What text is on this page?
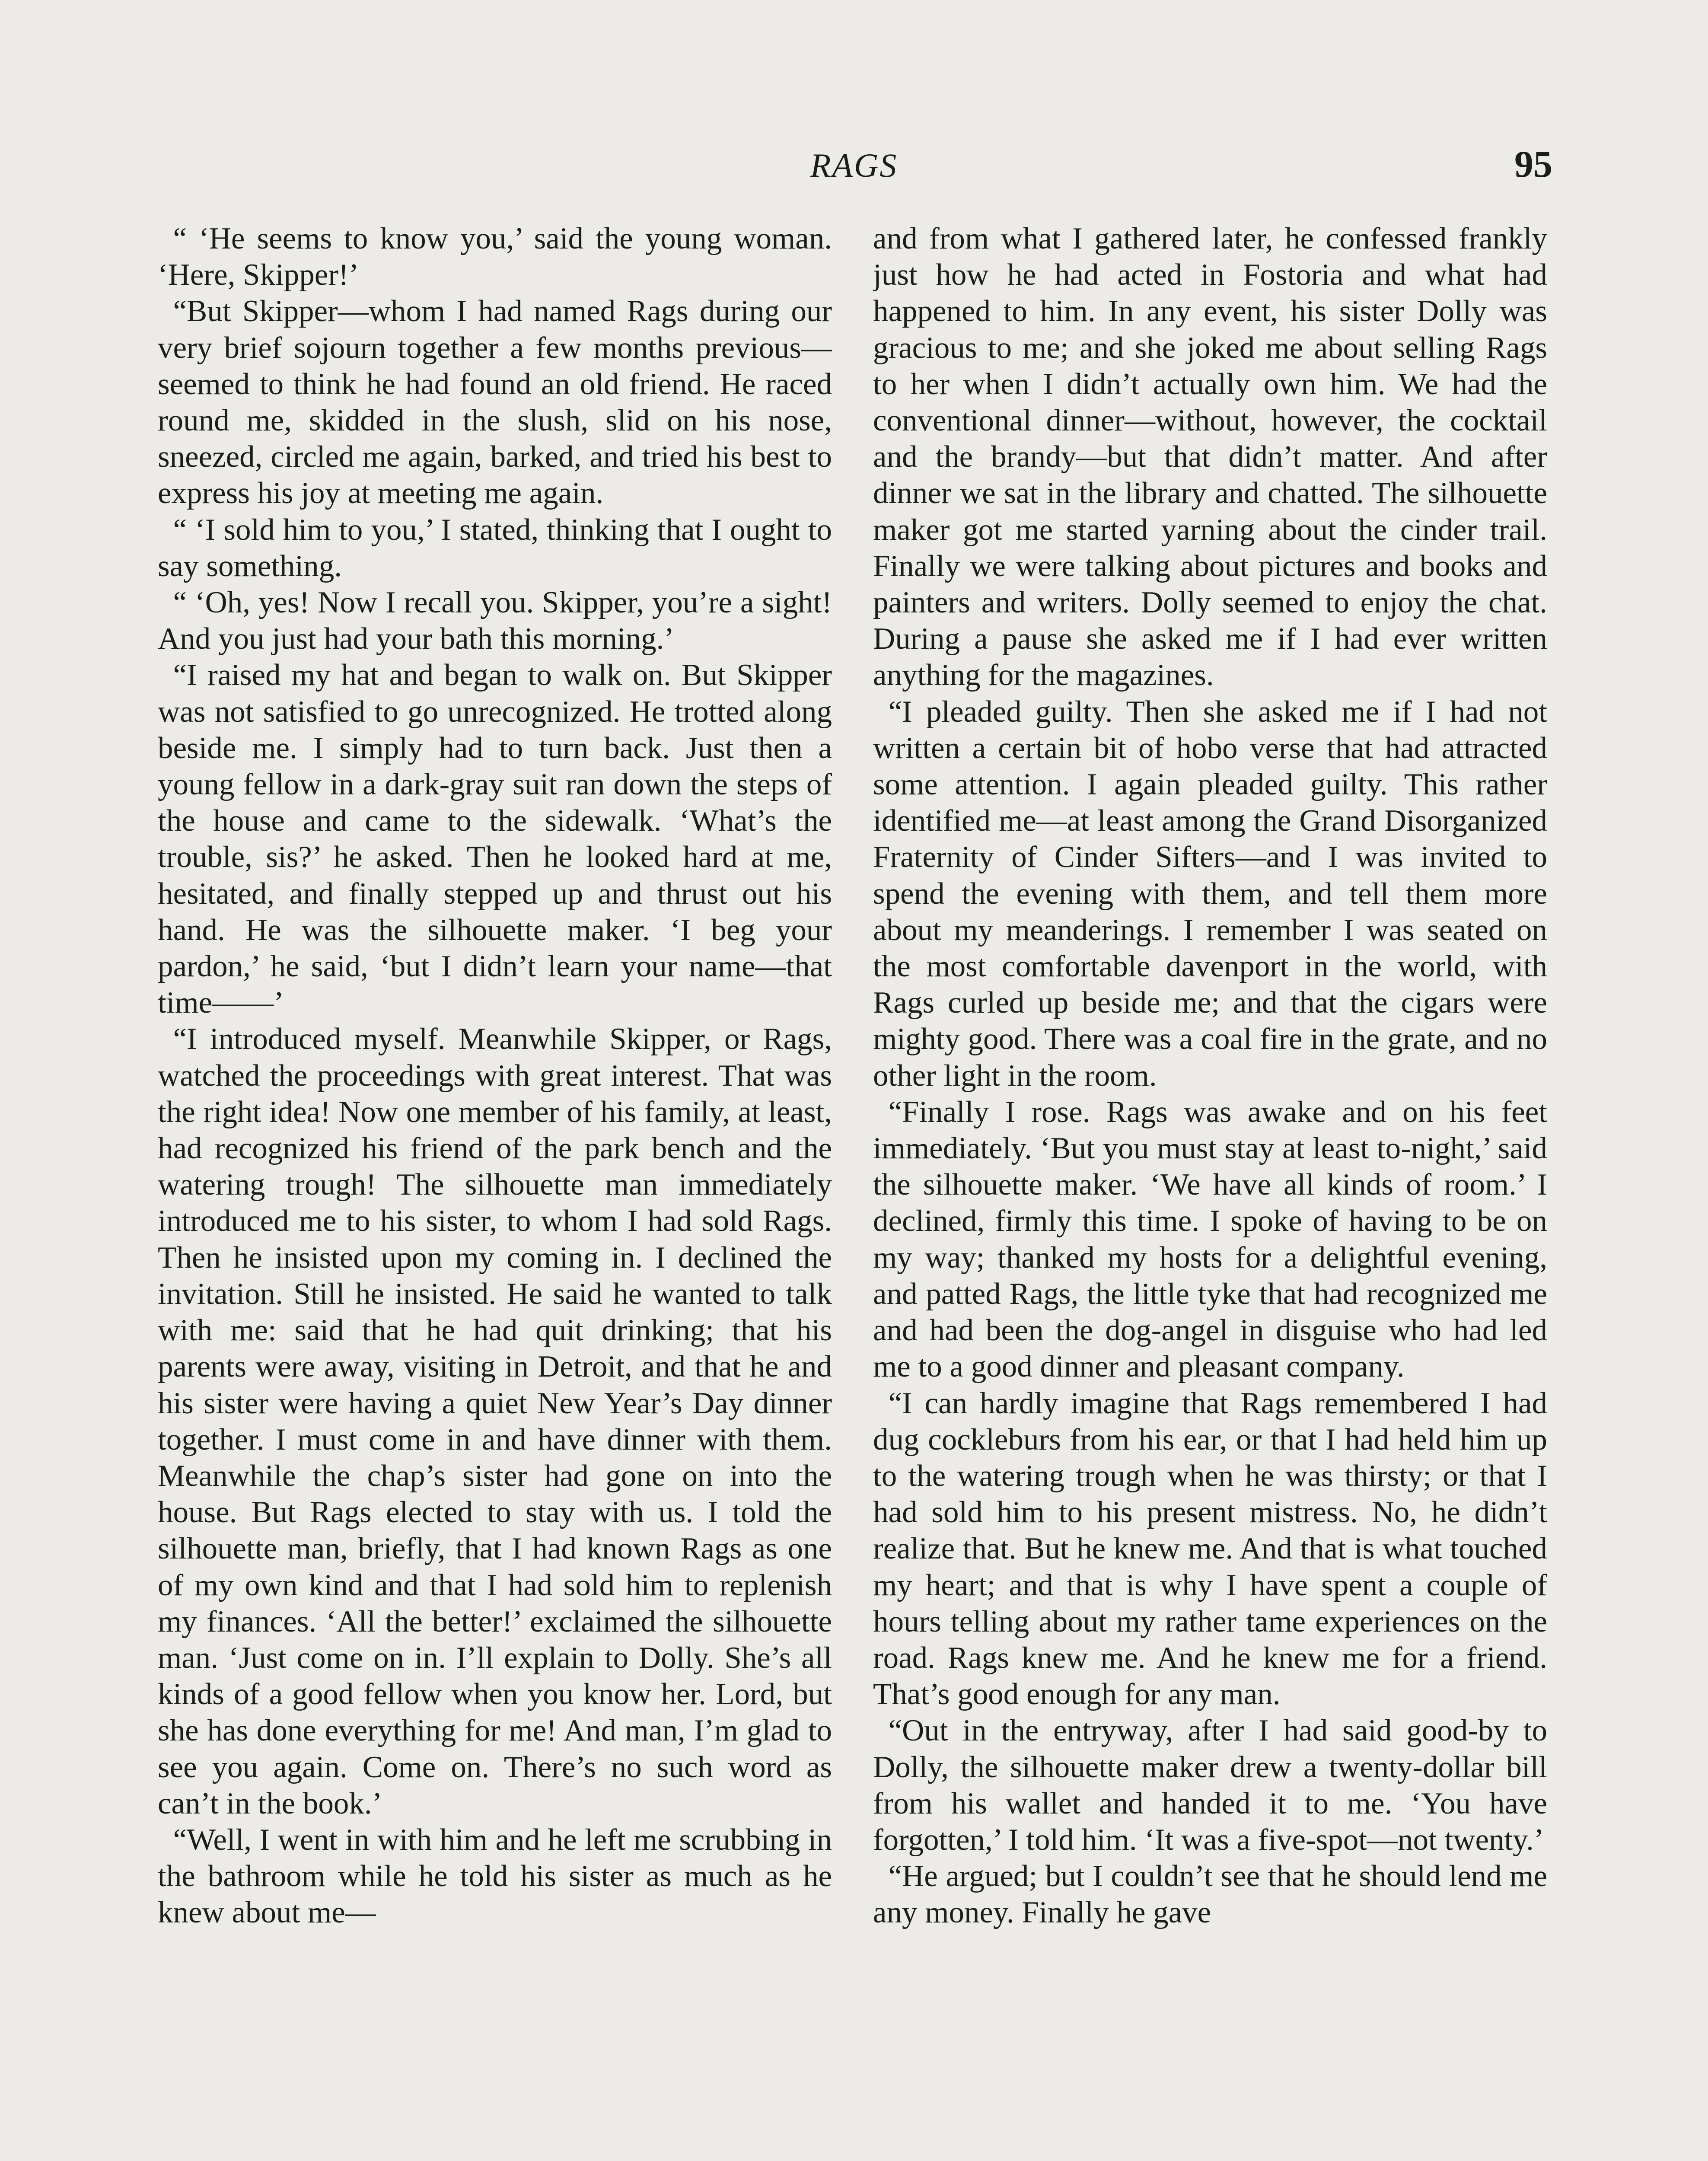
RAGS	95

“ ‘He seems to know you,’ said the young woman. ‘Here, Skipper!’

“But Skipper—whom I had named Rags during our very brief sojourn together a few months previous—seemed to think he had found an old friend. He raced round me, skidded in the slush, slid on his nose, sneezed, circled me again, barked, and tried his best to express his joy at meeting me again.

“ ‘I sold him to you,’ I stated, thinking that I ought to say something.

“ ‘Oh, yes! Now I recall you. Skipper, you’re a sight! And you just had your bath this morning.’

“I raised my hat and began to walk on. But Skipper was not satisfied to go unrecognized. He trotted along beside me. I simply had to turn back. Just then a young fellow in a dark-gray suit ran down the steps of the house and came to the sidewalk. ‘What’s the trouble, sis?’ he asked. Then he looked hard at me, hesitated, and finally stepped up and thrust out his hand. He was the silhouette maker. ‘I beg your pardon,’ he said, ‘but I didn’t learn your name—that time——’

“I introduced myself. Meanwhile Skipper, or Rags, watched the proceedings with great interest. That was the right idea! Now one member of his family, at least, had recognized his friend of the park bench and the watering trough! The silhouette man immediately introduced me to his sister, to whom I had sold Rags. Then he insisted upon my coming in. I declined the invitation. Still he insisted. He said he wanted to talk with me: said that he had quit drinking; that his parents were away, visiting in Detroit, and that he and his sister were having a quiet New Year’s Day dinner together. I must come in and have dinner with them. Meanwhile the chap’s sister had gone on into the house. But Rags elected to stay with us. I told the silhouette man, briefly, that I had known Rags as one of my own kind and that I had sold him to replenish my finances. ‘All the better!’ exclaimed the silhouette man. ‘Just come on in. I’ll explain to Dolly. She’s all kinds of a good fellow when you know her. Lord, but she has done everything for me! And man, I’m glad to see you again. Come on. There’s no such word as can’t in the book.’

“Well, I went in with him and he left me scrubbing in the bathroom while he told his sister as much as he knew about me—

and from what I gathered later, he confessed frankly just how he had acted in Fostoria and what had happened to him. In any event, his sister Dolly was gracious to me; and she joked me about selling Rags to her when I didn’t actually own him. We had the conventional dinner—without, however, the cocktail and the brandy—but that didn’t matter. And after dinner we sat in the library and chatted. The silhouette maker got me started yarning about the cinder trail. Finally we were talking about pictures and books and painters and writers. Dolly seemed to enjoy the chat. During a pause she asked me if I had ever written anything for the magazines.

“I pleaded guilty. Then she asked me if I had not written a certain bit of hobo verse that had attracted some attention. I again pleaded guilty. This rather identified me—at least among the Grand Disorganized Fraternity of Cinder Sifters—and I was invited to spend the evening with them, and tell them more about my meanderings. I remember I was seated on the most comfortable davenport in the world, with Rags curled up beside me; and that the cigars were mighty good. There was a coal fire in the grate, and no other light in the room.

“Finally I rose. Rags was awake and on his feet immediately. ‘But you must stay at least to-night,’ said the silhouette maker. ‘We have all kinds of room.’ I declined, firmly this time. I spoke of having to be on my way; thanked my hosts for a delightful evening, and patted Rags, the little tyke that had recognized me and had been the dog-angel in disguise who had led me to a good dinner and pleasant company.

“I can hardly imagine that Rags remembered I had dug cockleburs from his ear, or that I had held him up to the watering trough when he was thirsty; or that I had sold him to his present mistress. No, he didn’t realize that. But he knew me. And that is what touched my heart; and that is why I have spent a couple of hours telling about my rather tame experiences on the road. Rags knew me. And he knew me for a friend. That’s good enough for any man.

“Out in the entryway, after I had said good-by to Dolly, the silhouette maker drew a twenty-dollar bill from his wallet and handed it to me. ‘You have forgotten,’ I told him. ‘It was a five-spot—not twenty.’

“He argued; but I couldn’t see that he should lend me any money. Finally he gave
